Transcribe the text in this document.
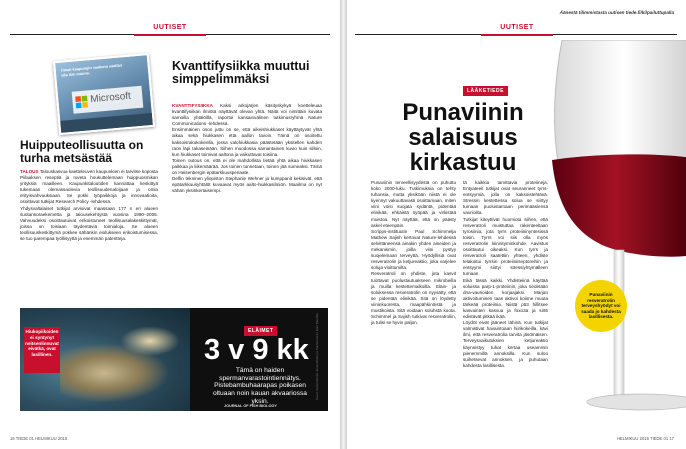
UUTISET
Oman kaupungin vaakuna saattaa olla ilan muuna.
Microsoft
Huipputeollisuutta on turha metsästää
TALOUS Talouskasvua kaetteleuven kaupunkien ei tarvitse koposta Piilaaksen reseptiä ja ruveta houkuttelemaan huippuosmikan yrityksiä maailleen. Kaupunkitaloutiden kannattaa keskittyä tukemaan olemassaolevia teollisuudenaloijaan ja omia erityisvahvuuksiaan. Se pokki työpaikkoja ja innovaatioita, osoittavat tutkijat Research Policy -lehdessä.
Yhdysvaltalaiset tutkijat arvioivat maassaan 177 n eri alueen suotansoraekemetta ja talousekehtystä vuosina 1990–2005. Vahvuudeksi osoittautuivat erikoistuneet teollisuusalakeskittymät, joissa on toisiaan täydentäviä toimialoja. Se alueen teollisuuskeskittymä pokkee sähänkin eiolukseen erikoistumisessa, se tuo parempaa työllisyyttä ja enemmän patentteja.
Kvanttifysiikka muuttui simppelimmäksi
KVANTTIFYSIIKKA Kaksi arkojärjen käsityskykyä koetteleuaa kvanttifysiikan ilmiötä näyttävät olevan yhtä. Näitä voi nimittäin kuvata samoilla yhtälöillä, raportoi kansainvälinen tutkimusryhmä Nature Communications -lehdessä.
Ensimmäinen osoo juttu on se, että aikeishiukkaset käyttäytyvät yhtä aikaa sekä hiukkasen että aallon tavoin. Tämä on osoitettu kaksoisrakokokeella, jossa valohiukkasia päästetään yksitellen kahden raon läpi takaseinään. Siihen muodossa samantainen kuvio kuin silloin, kun hiukkaset toimivat aaltona ja vaikuttavat toisiina.
Toinen outous on, että ei ole mahdollista tietää yhtä aikaa hiukkasen paikkaa ja liikemäärää. Jos toinen tunnetaan, toinen jää sumeaksi. Tämä on Heisenbergin epätarkkuusperiaate.
Delfin tekninen yliopiston Stephanie Wehner ja kumppanit kekisivät, että epätarkkuusyhtälöt kuvaavat myös aalto-hiukkasilmiön. Maailma on nyt vähän yksinkertaisempi.
Hiukopiikoiden ei syntynyt neitsenlinnuvat eivätkä, ovat lasillinen.
ELÄIMET
3 v 9 kk
Tämä on haiden spermanvarastointiennätys. Pistebambuhaarapas poikasen oltuaan noin kauan akvaariossa yksin.
JOURNAL OF FISH BIOLOGY
Kuvat: Cultura/Ionke Jensen/Getty ja Shutterstock / Katri Blomber
16 TIEDE 01 HELMIKUU 2015
Äänestä tilimmistasta uutisen tiede.fi/kilpailuttupalla
UUTISET
LÄÄKETIEDE
Punaviinin
salaisuus
kirkastuu
Punaviinin terveellisyydestä on puhuttu koko 2000-luku. Tutkimuksia on tehty tuhansia, mutta yksiköän niistä ei ole kyennyt vakuuttavasti osoittamaan, miten viini voisi suojata sydäntä, pidentää elinikää, ehkäistä syöpää ja virkistää muistoa. Nyt näyttää, että on päästy askel eteenpäin.
Scripps-instituutin Paul Schimmelja Mathew Sajish kertovat Nature-lehdessä selvittäneensä ainakin yhden aineiden ja mekanismin, joilla viini pystyy suojelemaan terveyttä. Hyödyllisiä ovat resveratrolin ja ketjureaktio, joka varjelee soluja vioittumilta.
Resveratroli on yhdiste, jota kasvit tuottavat puolustautuakseen mikrobeilla ja muilla kestettemalkoilla. Eläin- ja soluksessa resveratrolin on nyysätty, että se pidentää elinikää. Sitä on löydetty viininkuoresta, maapähkinöistä ja mustikoista. Sitä voidaan soluhstä koota. Schimmel ja Sajish tutkivat resveratroliin, ja tulisi se hyvin paljon.
tä kaikkia tarvittavia proteiineja. Entyateeit tutkijat ovat seuranneet tyrrs-entsyymiä, jolla on kaksoistehtävä. Stressin kestettessa solua se siirtyy tumaan puolustamaan perimääsiensä vaurioilta.
Tutkijat kiteyttivät huomiota siihen, että resveratroli muistuttaa rakenteeltaan tyrosiinia, jota tyrrs proteiininyntesissä toisin. Tyrrs voi siis olla myös resveratrolin kiinnityminkohde. Aavistus osoittautui oikeaksi. Kun tyrrs ja resveratroli saatettiin yhteen, yhdiste telakoitui tyrrsin proteiiniiseptoreihin ja entsyymi siirtyi stressiyhtymälleen tumaan.
Eikä tässä kaikki. Yhdisteiinä käyttää soluissa parp-1-proteiinin, joka tiedetään dna-vaurioiden korjaajaksi. Marjan aktivoituminen taas aktivoi koiime muuta tärkeää proteiinia. Niistä p53 hillitsee kasvainten kasvua ja foxo3a ja sirt6 edistävät pitkää ikää.
Löydöt eivät jääneet lähinä. Kun tutkijat valmistivat havaintoaan hiirikokeilla, kävi ilmi, että resveratrolia tarvita jäsömäisen. Terveysvaikutuksien ketjureaktio käynnistyy tuhat kertaa useammin pienemmillä annoksilla. Kun suloo suihetsevat annoksen, ja puhutaan kahdesta lasillisesta.
Punaviinin resveratrolin terveyshyödyt voi saada jo kahdesta lasillisesta.
HELMIKUU 2015 TIEDE 01 17
